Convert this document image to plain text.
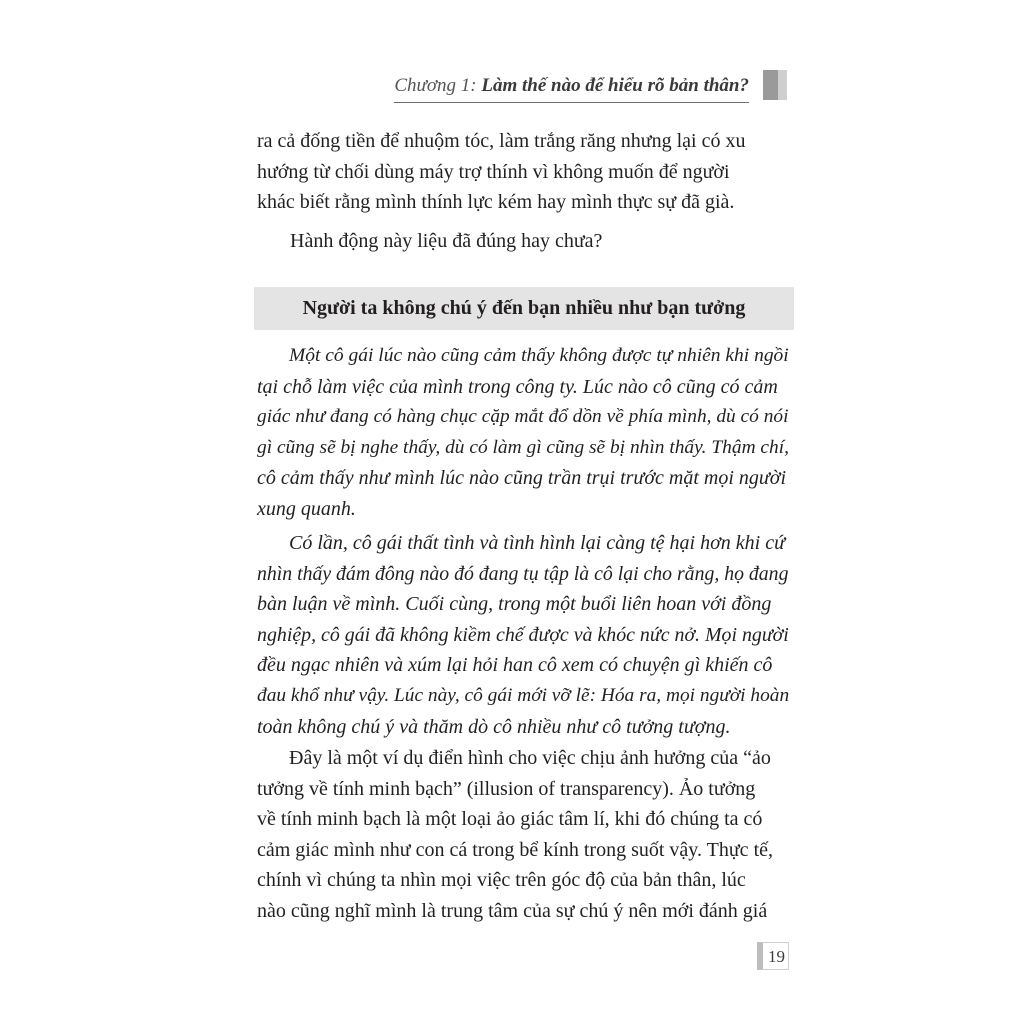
Chương 1: Làm thế nào để hiểu rõ bản thân?

ra cả đống tiền để nhuộm tóc, làm trắng răng nhưng lại có xu
hướng từ chối dùng máy trợ thính vì không muốn để người
khác biết rằng mình thính lực kém hay mình thực sự đã già.

Hành động này liệu đã đúng hay chưa?

Người ta không chú ý đến bạn nhiều như bạn tưởng

Một cô gái lúc nào cũng cảm thấy không được tự nhiên khi ngồi
tại chỗ làm việc của mình trong công ty. Lúc nào cô cũng có cảm
giác như đang có hàng chục cặp mắt đổ dồn về phía mình, dù có nói
gì cũng sẽ bị nghe thấy, dù có làm gì cũng sẽ bị nhìn thấy. Thậm chí,
cô cảm thấy như mình lúc nào cũng trần trụi trước mặt mọi người
xung quanh.

Có lần, cô gái thất tình và tình hình lại càng tệ hại hơn khi cứ
nhìn thấy đám đông nào đó đang tụ tập là cô lại cho rằng, họ đang
bàn luận về mình. Cuối cùng, trong một buổi liên hoan với đồng
nghiệp, cô gái đã không kiềm chế được và khóc nức nở. Mọi người
đều ngạc nhiên và xúm lại hỏi han cô xem có chuyện gì khiến cô
đau khổ như vậy. Lúc này, cô gái mới vỡ lẽ: Hóa ra, mọi người hoàn
toàn không chú ý và thăm dò cô nhiều như cô tưởng tượng.

Đây là một ví dụ điển hình cho việc chịu ảnh hưởng của “ảo
tưởng về tính minh bạch” (illusion of transparency). Ảo tưởng
về tính minh bạch là một loại ảo giác tâm lí, khi đó chúng ta có
cảm giác mình như con cá trong bể kính trong suốt vậy. Thực tế,
chính vì chúng ta nhìn mọi việc trên góc độ của bản thân, lúc
nào cũng nghĩ mình là trung tâm của sự chú ý nên mới đánh giá

19
